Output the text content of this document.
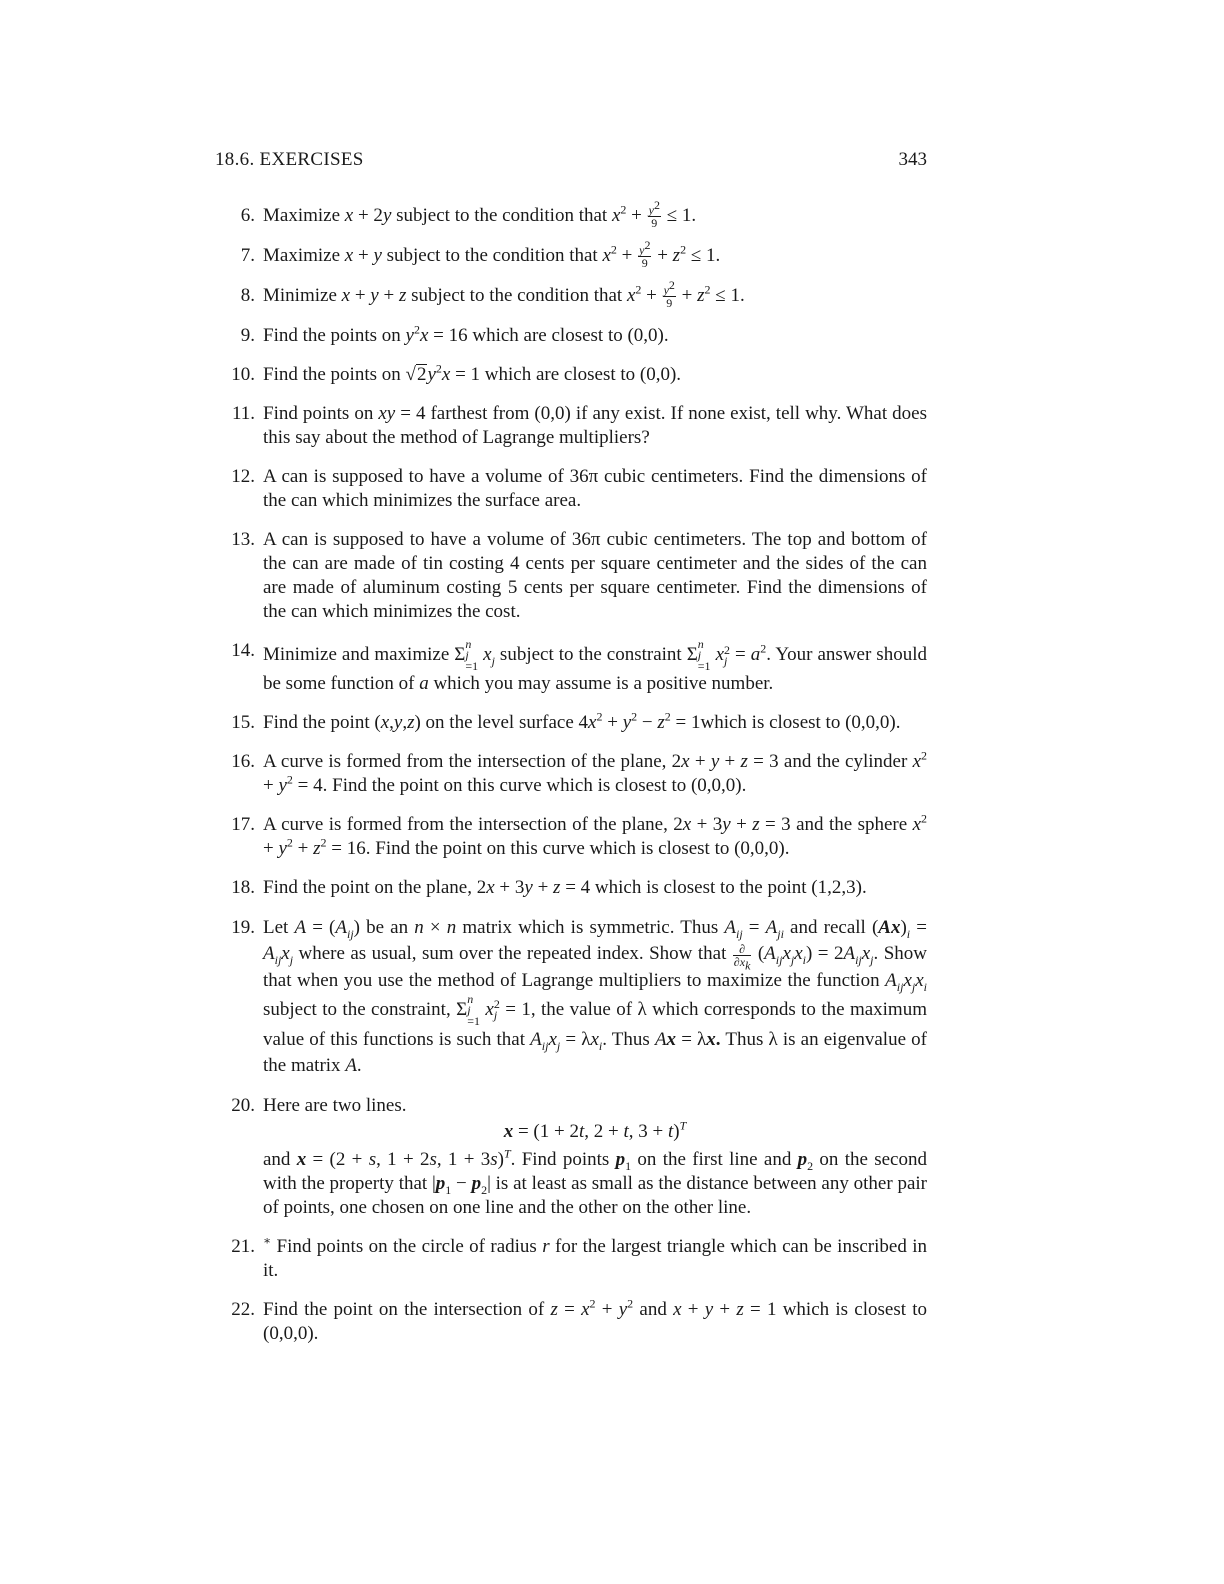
18.6. EXERCISES	343
6. Maximize x + 2y subject to the condition that $x^2 + \frac{y^2}{9} \le 1$.
7. Maximize x + y subject to the condition that $x^2 + \frac{y^2}{9} + z^2 \le 1$.
8. Minimize x + y + z subject to the condition that $x^2 + \frac{y^2}{9} + z^2 \le 1$.
9. Find the points on $y^2x = 16$ which are closest to (0,0).
10. Find the points on $√2y^2x = 1$ which are closest to (0,0).
11. Find points on xy = 4 farthest from (0,0) if any exist. If none exist, tell why. What does this say about the method of Lagrange multipliers?
12. A can is supposed to have a volume of 36π cubic centimeters. Find the dimensions of the can which minimizes the surface area.
13. A can is supposed to have a volume of 36π cubic centimeters. The top and bottom of the can are made of tin costing 4 cents per square centimeter and the sides of the can are made of aluminum costing 5 cents per square centimeter. Find the dimensions of the can which minimizes the cost.
14. Minimize and maximize Σ n
j
=1
$x_j$ subject to the constraint Σ n
j
=1
x 2
$j = a^2$. Your answer should be some function of a which you may assume is a positive number.
15. Find the point (x,y,z) on the level surface $4x^2 + y^2 - z^2$ = 1which is closest to (0,0,0).
16. A curve is formed from the intersection of the plane, 2x + y + z = 3 and the cylinder $x^2 + y^2 = 4$. Find the point on this curve which is closest to (0,0,0).
17. A curve is formed from the intersection of the plane, 2x + 3y + z = 3 and the sphere $x^2 + y^2 + z^2 = 16$. Find the point on this curve which is closest to (0,0,0).
18. Find the point on the plane, 2x + 3y + z = 4 which is closest to the point (1,2,3).
19. Let $A = (A_{ij})$ be an n × n matrix which is symmetric. Thus $A_{ij} = A_{ji}$ and recall $(Ax)_i = A_{ij}x_j$ where as usual, sum over the repeated index. Show that $\frac{\partial}{\partial x_k} (A_{ij}x_jx_i) = 2A_{ij}x_j$. Show that when you use the method of Lagrange multipliers to maximize the function $A_{ij}x_jx_i$ subject to the constraint, Σ n
j
=1
x 2
j = 1, the value of λ which corresponds to the maximum value of this functions is such that $A_{ij}x_j = \lambda x_i$. Thus Ax = λx. Thus λ is an eigenvalue of the matrix A.
20. Here are two lines.
x = (1 + 2t, 2 + t, 3 + t)$^T$
and x = (2 + s, 1 + 2s, 1 + 3s)$^T$. Find points $p_1$ on the first line and $p_2$ on the second with the property that $|p_1 - p_2|$ is at least as small as the distance between any other pair of points, one chosen on one line and the other on the other line.
21. ∗ Find points on the circle of radius r for the largest triangle which can be inscribed in it.
22. Find the point on the intersection of $z = x^2 + y^2$ and x + y + z = 1 which is closest to (0,0,0).
